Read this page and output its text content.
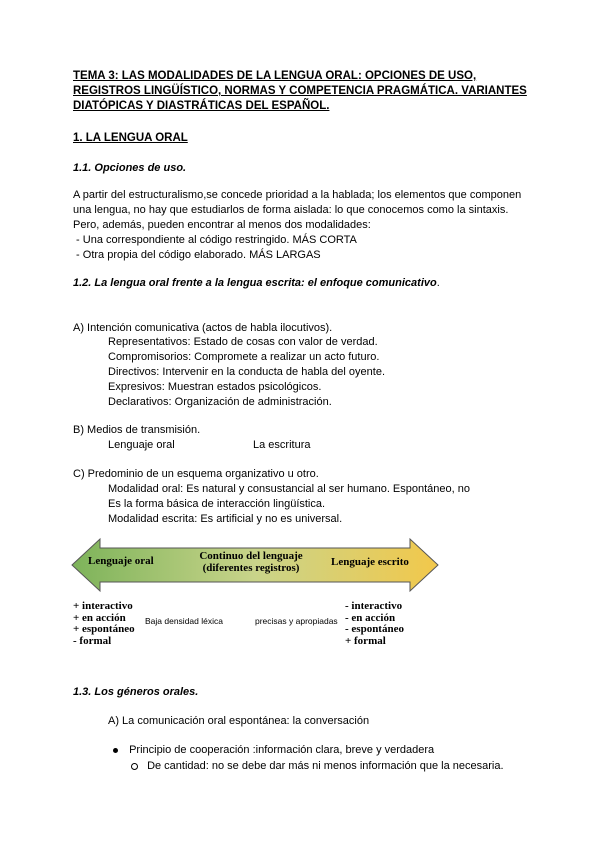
TEMA 3: LAS MODALIDADES DE LA LENGUA ORAL: OPCIONES DE USO, REGISTROS LINGÜÍSTICO, NORMAS Y COMPETENCIA PRAGMÁTICA. VARIANTES DIATÓPICAS Y DIASTRÁTICAS DEL ESPAÑOL.
1. LA LENGUA ORAL
1.1. Opciones de uso.
A partir del estructuralismo,se concede prioridad a la hablada; los elementos que componen
una lengua, no hay que estudiarlos de forma aislada: lo que conocemos como la sintaxis.
Pero, además, pueden encontrar al menos dos modalidades:
- Una correspondiente al código restringido. MÁS CORTA
- Otra propia del código elaborado. MÁS LARGAS
1.2. La lengua oral frente a la lengua escrita: el enfoque comunicativo.
A) Intención comunicativa (actos de habla ilocutivos).
Representativos: Estado de cosas con valor de verdad.
Compromisorios: Compromete a realizar un acto futuro.
Directivos: Intervenir en la conducta de habla del oyente.
Expresivos: Muestran estados psicológicos.
Declarativos: Organización de administración.
B) Medios de transmisión.
Lenguaje oral	La escritura
C) Predominio de un esquema organizativo u otro.
Modalidad oral: Es natural y consustancial al ser humano. Espontáneo, no
Es la forma básica de interacción lingüística.
Modalidad escrita: Es artificial y no es universal.
Lenguaje oral	Continuo del lenguaje
(diferentes registros)	Lenguaje escrito
+ interactivo
+ en acción
+ espontáneo
- formal
Baja densidad léxica	precisas y apropiadas
- interactivo
- en acción
- espontáneo
+ formal
1.3. Los géneros orales.
A) La comunicación oral espontánea: la conversación
Principio de cooperación :información clara, breve y verdadera
De cantidad: no se debe dar más ni menos información que la necesaria.
